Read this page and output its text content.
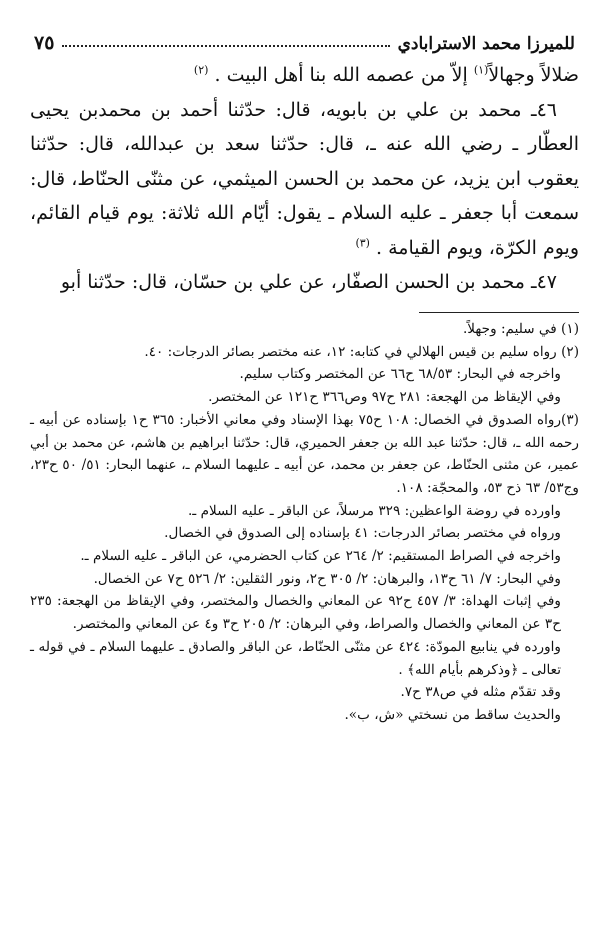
للميرزا محمد الاسترابادي
٧٥

ضلالاً وجهالاً$^{(١)}$ إلاّ من عصمه الله بنا أهل البيت . $^{(٢)}$

٤٦ـ محمد بن علي بن بابويه، قال: حدّثنا أحمد بن محمدبن يحيى العطّار ـ رضي الله عنه ـ، قال: حدّثنا سعد بن عبدالله، قال: حدّثنا يعقوب ابن يزيد، عن محمد بن الحسن الميثمي، عن مثنّى الحنّاط، قال: سمعت أبا جعفر ـ عليه السلام ـ يقول: أيّام الله ثلاثة: يوم قيام القائم، ويوم الكرّة، ويوم القيامة . $^{(٣)}$

٤٧ـ محمد بن الحسن الصفّار، عن علي بن حسّان، قال: حدّثنا أبو

(١) في سليم: وجهلاً.

(٢) رواه سليم بن قيس الهلالي في كتابه: ١٢، عنه مختصر بصائر الدرجات: ٤٠.

واخرجه في البحار: ٦٨/٥٣ ح٦٦ عن المختصر وكتاب سليم.

وفي الإيقاظ من الهجعة: ٢٨١ ح٩٧ وص٣٦٦ ح١٢١ عن المختصر.

(٣)رواه الصدوق في الخصال: ١٠٨ ح٧٥ بهذا الإسناد وفي معاني الأخبار: ٣٦٥ ح١ بإسناده عن أبيه ـ رحمه الله ـ، قال: حدّثنا عبد الله بن جعفر الحميري، قال: حدّثنا ابراهيم بن هاشم، عن محمد بن أبي عمير، عن مثنى الحنّاط، عن جعفر بن محمد، عن أبيه ـ عليهما السلام ـ، عنهما البحار: ٥١/ ٥٠ ح٢٣، وج٥٣/ ٦٣ ذح ٥٣، والمحجّة: ١٠٨.

واورده في روضة الواعظين: ٣٢٩ مرسلاً، عن الباقر ـ عليه السلام ـ.

ورواه في مختصر بصائر الدرجات: ٤١ بإسناده إلى الصدوق في الخصال.

واخرجه في الصراط المستقيم: ٢/ ٢٦٤ عن كتاب الحضرمي، عن الباقر ـ عليه السلام ـ.

وفي البحار: ٧/ ٦١ ح١٣، والبرهان: ٢/ ٣٠٥ ح٢، ونور الثقلين: ٢/ ٥٢٦ ح٧ عن الخصال.

وفي إثبات الهداة: ٣/ ٤٥٧ ح٩٢ عن المعاني والخصال والمختصر، وفي الإيقاظ من الهجعة: ٢٣٥ ح٣ عن المعاني والخصال والصراط، وفي البرهان: ٢/ ٢٠٥ ح٣ و٤ عن المعاني والمختصر.

واورده في ينابيع المودّة: ٤٢٤ عن مثنّى الحنّاط، عن الباقر والصادق ـ عليهما السلام ـ في قوله ـ تعالى ـ ﴿وذكرهم بأيام الله﴾ .

وقد تقدّم مثله في ص٣٨ ح٧.

والحديث ساقط من نسختي «ش، ب».
